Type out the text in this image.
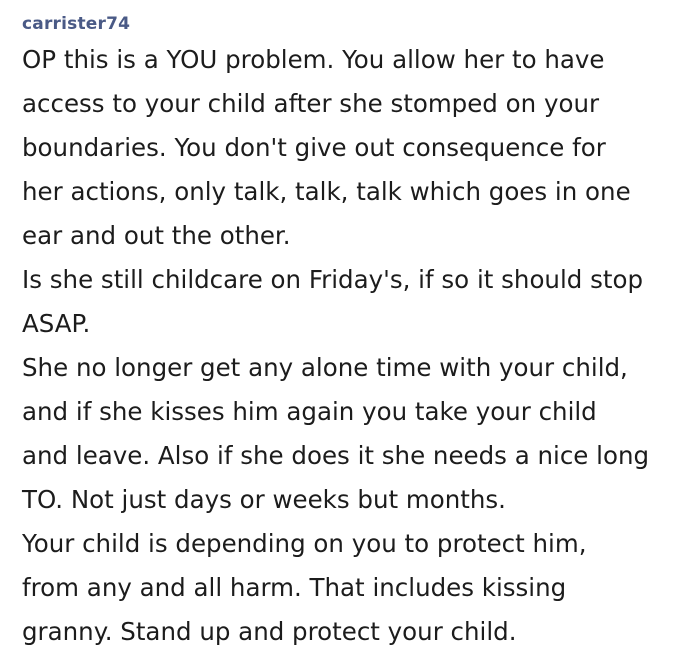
carrister74
OP this is a YOU problem. You allow her to have
access to your child after she stomped on your
boundaries. You don't give out consequence for
her actions, only talk, talk, talk which goes in one
ear and out the other.
Is she still childcare on Friday's, if so it should stop
ASAP.
She no longer get any alone time with your child,
and if she kisses him again you take your child
and leave. Also if she does it she needs a nice long
TO. Not just days or weeks but months.
Your child is depending on you to protect him,
from any and all harm. That includes kissing
granny. Stand up and protect your child.
